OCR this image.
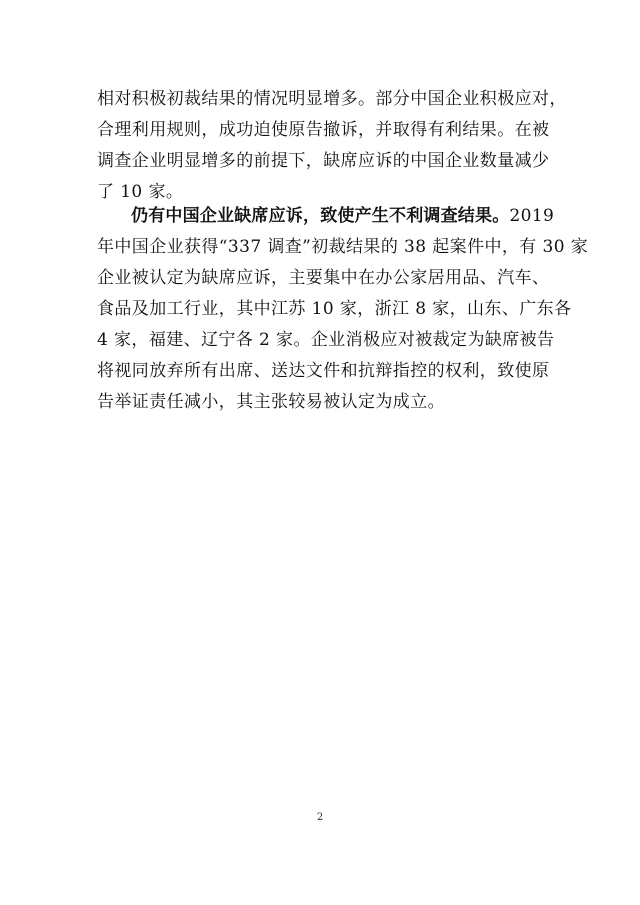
相对积极初裁结果的情况明显增多。部分中国企业积极应对，
合理利用规则，成功迫使原告撤诉，并取得有利结果。在被
调查企业明显增多的前提下，缺席应诉的中国企业数量减少
了 10 家。
仍有中国企业缺席应诉，致使产生不利调查结果。2019
年中国企业获得“337 调查”初裁结果的 38 起案件中，有 30 家
企业被认定为缺席应诉，主要集中在办公家居用品、汽车、
食品及加工行业，其中江苏 10 家，浙江 8 家，山东、广东各
4 家，福建、辽宁各 2 家。企业消极应对被裁定为缺席被告
将视同放弃所有出席、送达文件和抗辩指控的权利，致使原
告举证责任减小，其主张较易被认定为成立。
2
